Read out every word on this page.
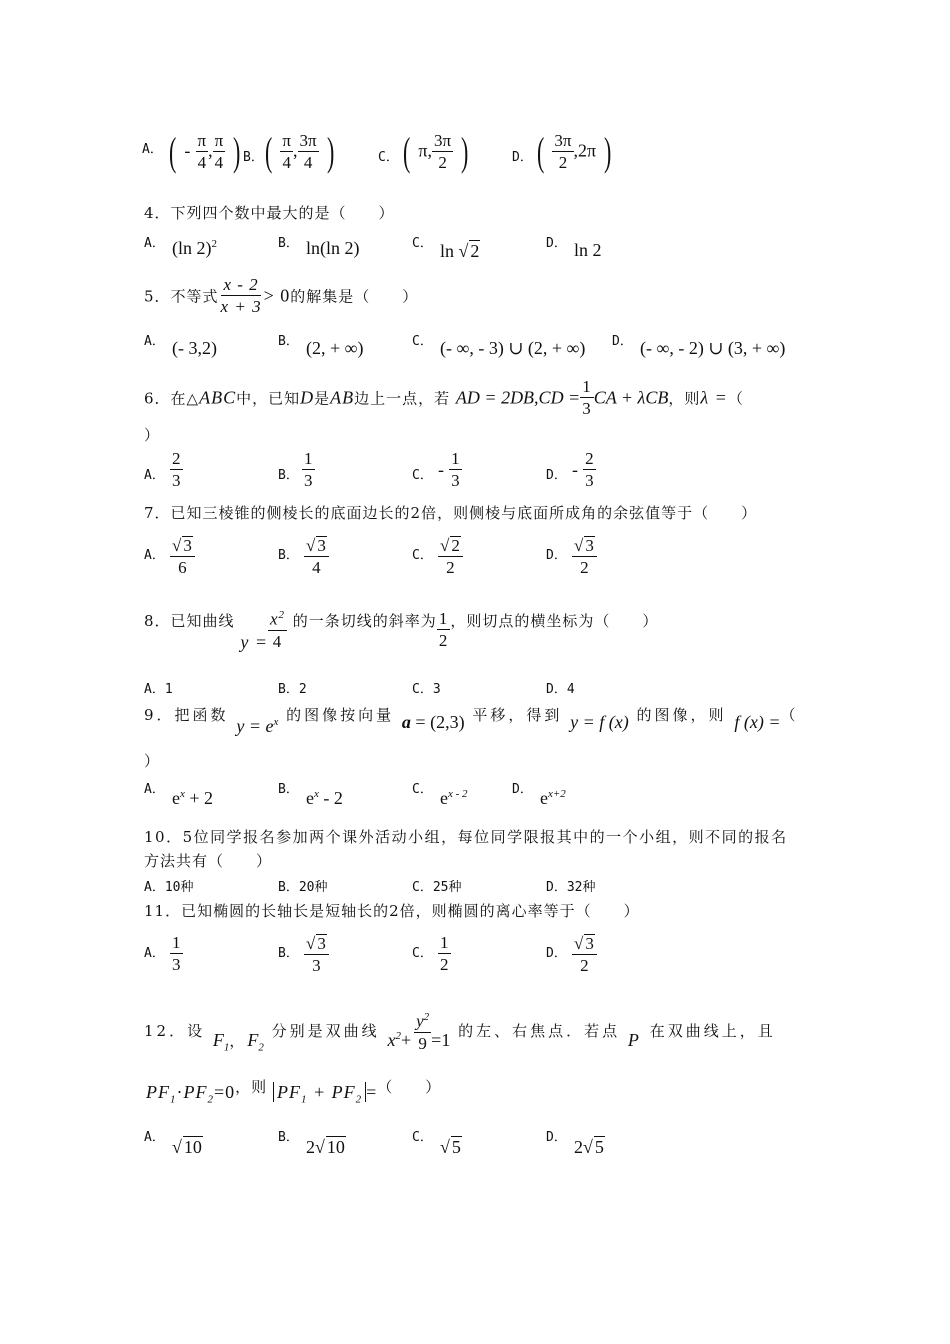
A． ( - $\frac{\pi}{4}$ , $\frac{\pi}{4}$ ) B． ( $\frac{\pi}{4}$ , $\frac{3\pi}{4}$ )	C． ( π, $\frac{3\pi}{2}$ )	D． ( $\frac{3\pi}{2} ,2\pi$ )
4．下列四个数中最大的是（　　）
A． (ln 2)$^2$	B． ln(ln 2)	C． ln √ 2	D． ln 2
5．不等式 $\frac{x - 2}{x + 3} > 0$的解集是（　　）
A． (- 3,2)	B． (2, + ∞)	C． (- ∞, - 3) ∪ (2, + ∞) D． (- ∞, - 2) ∪ (3, + ∞)
6．在△ABC中，已知D是AB边上一点，若 AD = $2DB,CD = \frac{1}{3}$ CA + λCB，则λ =（
）
A． $\frac{2}{3}$	B． $\frac{1}{3}$	C． - $\frac{1}{3}$	D． - $\frac{2}{3}$
7．已知三棱锥的侧棱长的底面边长的2倍，则侧棱与底面所成角的余弦值等于（　　）
A． $\frac{√ 3}{6}$	B． $\frac{√ 3}{4}$	C． $\frac{√ 2}{2}$	D． $\frac{√ 3}{2}$
8．已知曲线 $y = \frac{x^2}{4}$ 的一条切线的斜率为 $\frac{1}{2}$ ，则切点的横坐标为（　　）
A．1	B．2	C．3	D．4
9．把函数 $y = e^x$ 的图像按向量 a = (2,3) 平移，得到 y = f (x) 的图像，则 f (x) =（
）
A． $e^x + 2$	B． $e^x - 2$	C． $e^{x - 2}$	D． $e^{x+2}$
10．5位同学报名参加两个课外活动小组，每位同学限报其中的一个小组，则不同的报名
方法共有（　　）
A．10种	B．20种	C．25种	D．32种
11．已知椭圆的长轴长是短轴长的2倍，则椭圆的离心率等于（　　）
A． $\frac{1}{3}$	B． $\frac{√ 3}{3}$	C． $\frac{1}{2}$	D． $\frac{√ 3}{2}$
12．设 $F_1$，$F_2$ 分别是双曲线 $x^2+ \frac{y^2}{9} =1$ 的左、右焦点．若点 P 在双曲线上，且
$PF_1\cdot PF_2=0$，则 $PF_1 + PF_2$ =（　　）
A． √ 10	B． 2√ 10	C． √ 5	D． 2√ 5
